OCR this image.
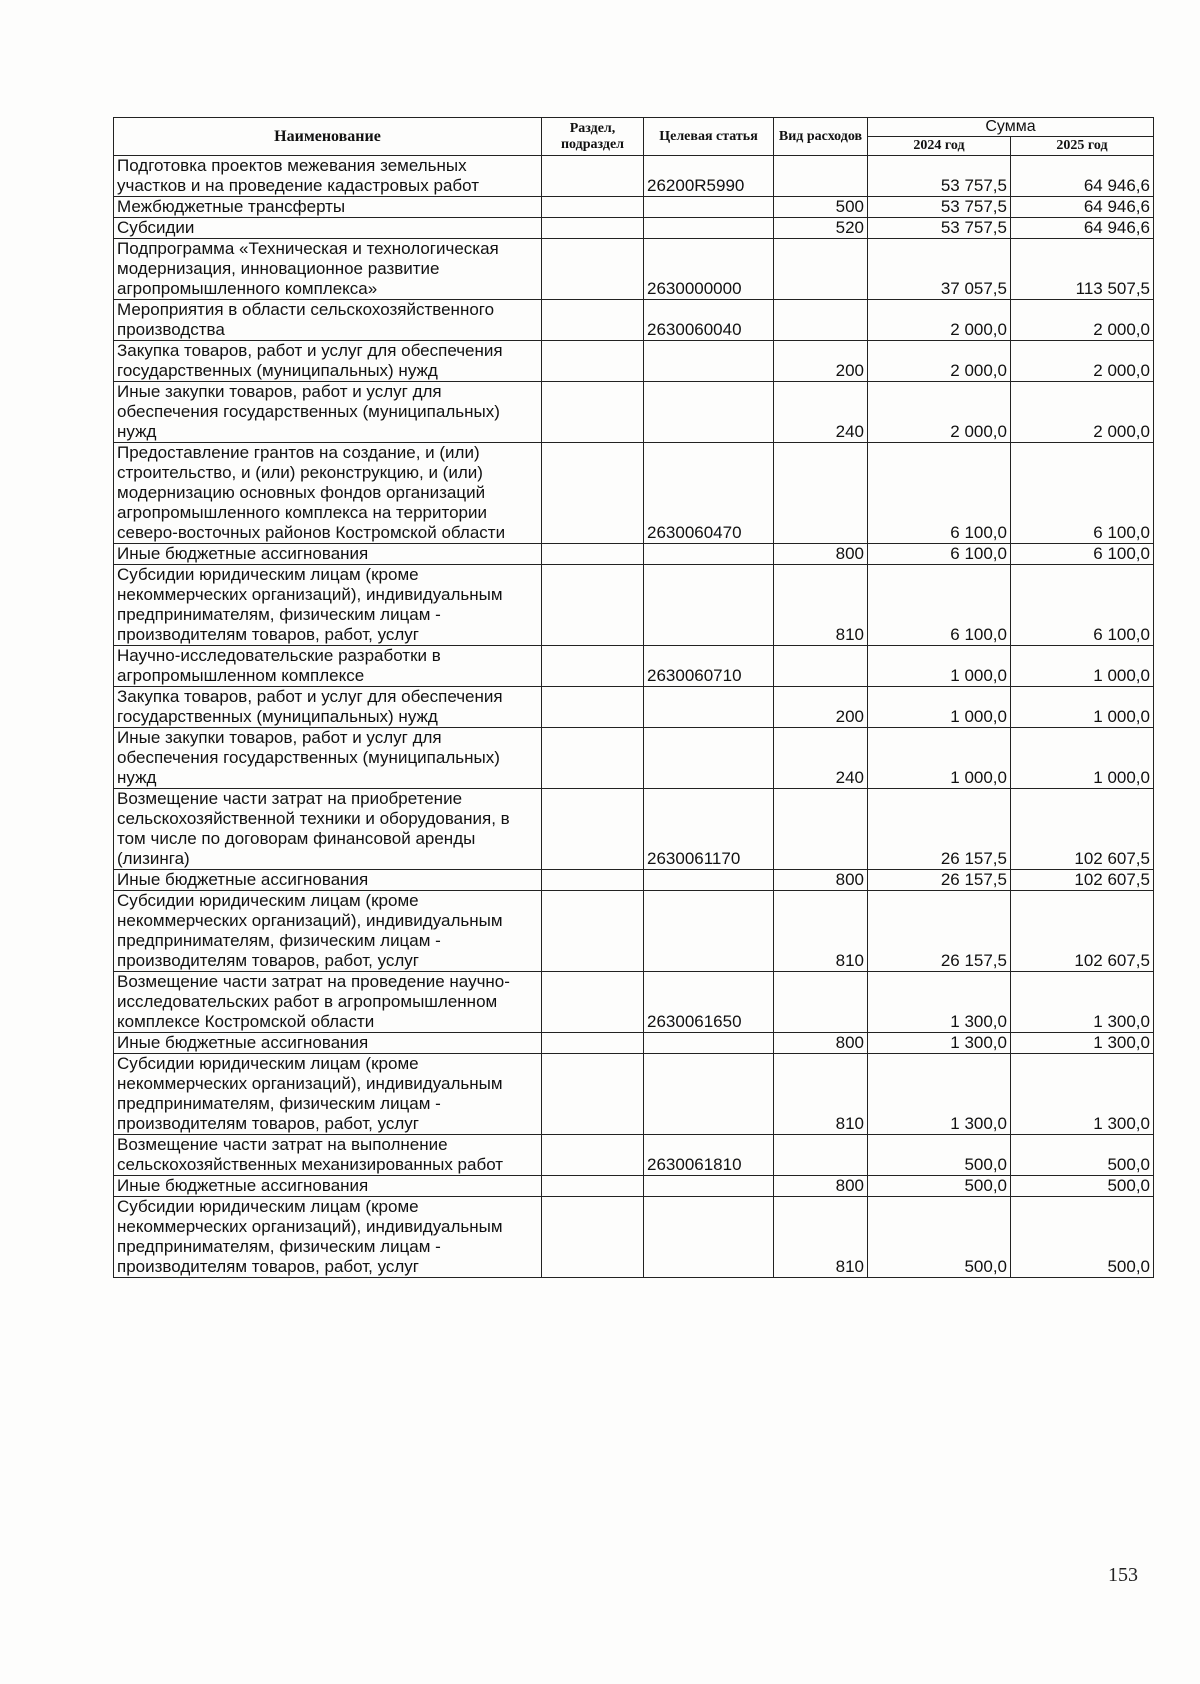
Наименование	Раздел, подраздел	Целевая статья	Вид расходов	Сумма	
				2024 год	2025 год
Подготовка проектов межевания земельных участков и на проведение кадастровых работ		26200R5990		53 757,5	64 946,6
Межбюджетные трансферты			500	53 757,5	64 946,6
Субсидии			520	53 757,5	64 946,6
Подпрограмма «Техническая и технологическая модернизация, инновационное развитие агропромышленного комплекса»		2630000000		37 057,5	113 507,5
Мероприятия в области сельскохозяйственного производства		2630060040		2 000,0	2 000,0
Закупка товаров, работ и услуг для обеспечения государственных (муниципальных) нужд			200	2 000,0	2 000,0
Иные закупки товаров, работ и услуг для обеспечения государственных (муниципальных) нужд			240	2 000,0	2 000,0
Предоставление грантов на создание, и (или) строительство, и (или) реконструкцию, и (или) модернизацию основных фондов организаций агропромышленного комплекса на территории северо-восточных районов Костромской области		2630060470		6 100,0	6 100,0
Иные бюджетные ассигнования			800	6 100,0	6 100,0
Субсидии юридическим лицам (кроме некоммерческих организаций), индивидуальным предпринимателям, физическим лицам - производителям товаров, работ, услуг			810	6 100,0	6 100,0
Научно-исследовательские разработки в агропромышленном комплексе		2630060710		1 000,0	1 000,0
Закупка товаров, работ и услуг для обеспечения государственных (муниципальных) нужд			200	1 000,0	1 000,0
Иные закупки товаров, работ и услуг для обеспечения государственных (муниципальных) нужд			240	1 000,0	1 000,0
Возмещение части затрат на приобретение сельскохозяйственной техники и оборудования, в том числе по договорам финансовой аренды (лизинга)		2630061170		26 157,5	102 607,5
Иные бюджетные ассигнования			800	26 157,5	102 607,5
Субсидии юридическим лицам (кроме некоммерческих организаций), индивидуальным предпринимателям, физическим лицам - производителям товаров, работ, услуг			810	26 157,5	102 607,5
Возмещение части затрат на проведение научно-исследовательских работ в агропромышленном комплексе Костромской области		2630061650		1 300,0	1 300,0
Иные бюджетные ассигнования			800	1 300,0	1 300,0
Субсидии юридическим лицам (кроме некоммерческих организаций), индивидуальным предпринимателям, физическим лицам - производителям товаров, работ, услуг			810	1 300,0	1 300,0
Возмещение части затрат на выполнение сельскохозяйственных механизированных работ		2630061810		500,0	500,0
Иные бюджетные ассигнования			800	500,0	500,0
Субсидии юридическим лицам (кроме некоммерческих организаций), индивидуальным предпринимателям, физическим лицам - производителям товаров, работ, услуг			810	500,0	500,0
153
